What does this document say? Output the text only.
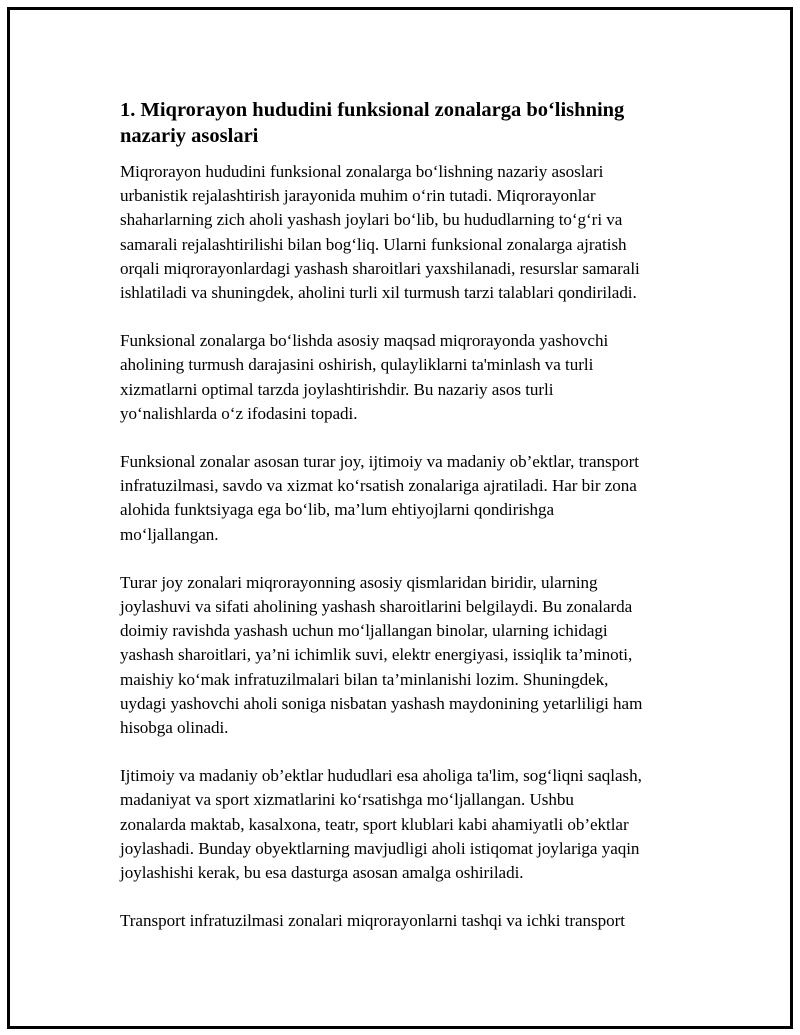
1. Miqrorayon hududini funksional zonalarga bo‘lishning
nazariy asoslari

Miqrorayon hududini funksional zonalarga bo‘lishning nazariy asoslari
urbanistik rejalashtirish jarayonida muhim o‘rin tutadi. Miqrorayonlar
shaharlarning zich aholi yashash joylari bo‘lib, bu hududlarning to‘g‘ri va
samarali rejalashtirilishi bilan bog‘liq. Ularni funksional zonalarga ajratish
orqali miqrorayonlardagi yashash sharoitlari yaxshilanadi, resurslar samarali
ishlatiladi va shuningdek, aholini turli xil turmush tarzi talablari qondiriladi.

Funksional zonalarga bo‘lishda asosiy maqsad miqrorayonda yashovchi
aholining turmush darajasini oshirish, qulayliklarni ta'minlash va turli
xizmatlarni optimal tarzda joylashtirishdir. Bu nazariy asos turli
yo‘nalishlarda o‘z ifodasini topadi.

Funksional zonalar asosan turar joy, ijtimoiy va madaniy ob’ektlar, transport
infratuzilmasi, savdo va xizmat ko‘rsatish zonalariga ajratiladi. Har bir zona
alohida funktsiyaga ega bo‘lib, ma’lum ehtiyojlarni qondirishga
mo‘ljallangan.

Turar joy zonalari miqrorayonning asosiy qismlaridan biridir, ularning
joylashuvi va sifati aholining yashash sharoitlarini belgilaydi. Bu zonalarda
doimiy ravishda yashash uchun mo‘ljallangan binolar, ularning ichidagi
yashash sharoitlari, ya’ni ichimlik suvi, elektr energiyasi, issiqlik ta’minoti,
maishiy ko‘mak infratuzilmalari bilan ta’minlanishi lozim. Shuningdek,
uydagi yashovchi aholi soniga nisbatan yashash maydonining yetarliligi ham
hisobga olinadi.

Ijtimoiy va madaniy ob’ektlar hududlari esa aholiga ta'lim, sog‘liqni saqlash,
madaniyat va sport xizmatlarini ko‘rsatishga mo‘ljallangan. Ushbu
zonalarda maktab, kasalxona, teatr, sport klublari kabi ahamiyatli ob’ektlar
joylashadi. Bunday obyektlarning mavjudligi aholi istiqomat joylariga yaqin
joylashishi kerak, bu esa dasturga asosan amalga oshiriladi.

Transport infratuzilmasi zonalari miqrorayonlarni tashqi va ichki transport
